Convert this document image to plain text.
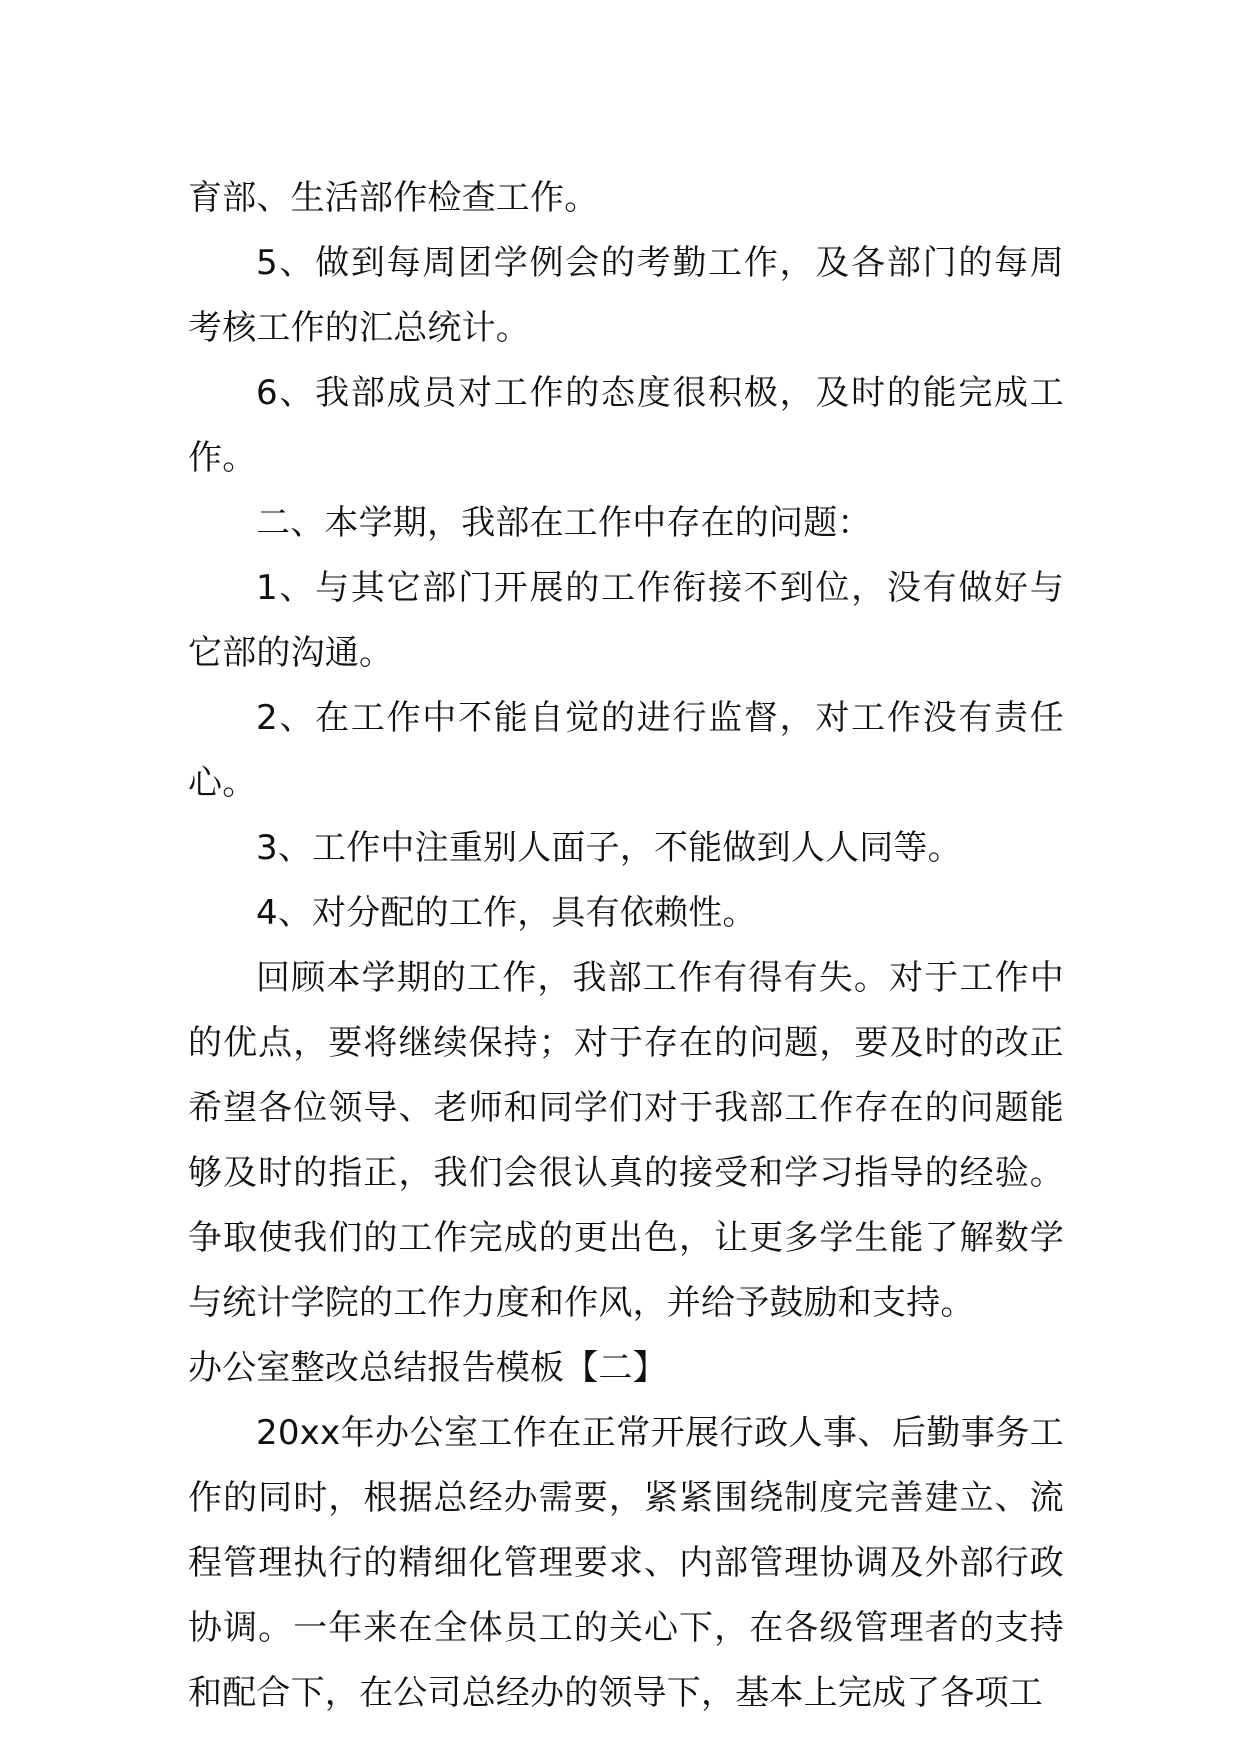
育部、生活部作检查工作。

5、做到每周团学例会的考勤工作，及各部门的每周考核工作的汇总统计。

6、我部成员对工作的态度很积极，及时的能完成工作。

二、本学期，我部在工作中存在的问题：

1、与其它部门开展的工作衔接不到位，没有做好与它部的沟通。

2、在工作中不能自觉的进行监督，对工作没有责任心。

3、工作中注重别人面子，不能做到人人同等。

4、对分配的工作，具有依赖性。

回顾本学期的工作，我部工作有得有失。对于工作中的优点，要将继续保持；对于存在的问题，要及时的改正希望各位领导、老师和同学们对于我部工作存在的问题能够及时的指正，我们会很认真的接受和学习指导的经验。争取使我们的工作完成的更出色，让更多学生能了解数学与统计学院的工作力度和作风，并给予鼓励和支持。

办公室整改总结报告模板【二】

20xx年办公室工作在正常开展行政人事、后勤事务工作的同时，根据总经办需要，紧紧围绕制度完善建立、流程管理执行的精细化管理要求、内部管理协调及外部行政协调。一年来在全体员工的关心下，在各级管理者的支持和配合下，在公司总经办的领导下，基本上完成了各项工
